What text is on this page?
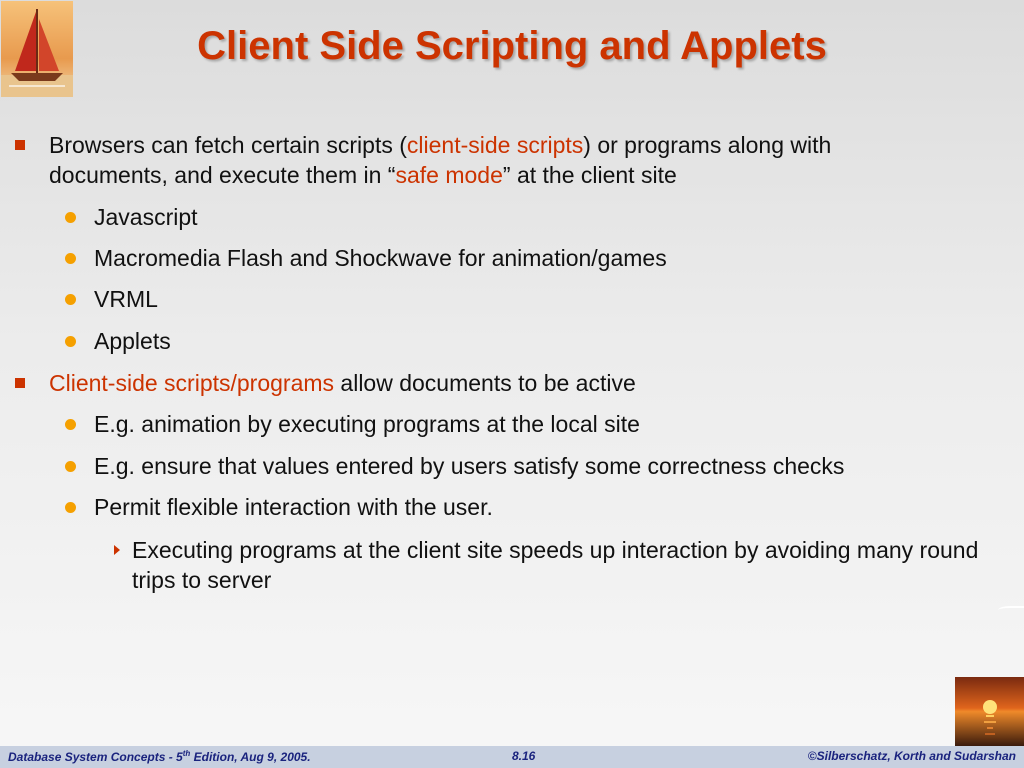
Client Side Scripting and Applets
Browsers can fetch certain scripts (client-side scripts) or programs along with documents, and execute them in “safe mode” at the client site
Javascript
Macromedia Flash and Shockwave for animation/games
VRML
Applets
Client-side scripts/programs allow documents to be active
E.g. animation by executing programs at the local site
E.g. ensure that values entered by users satisfy some correctness checks
Permit flexible interaction with the user.
Executing programs at the client site speeds up interaction by avoiding many round trips to server
Database System Concepts - 5th Edition, Aug 9, 2005.	8.16	©Silberschatz, Korth and Sudarshan
